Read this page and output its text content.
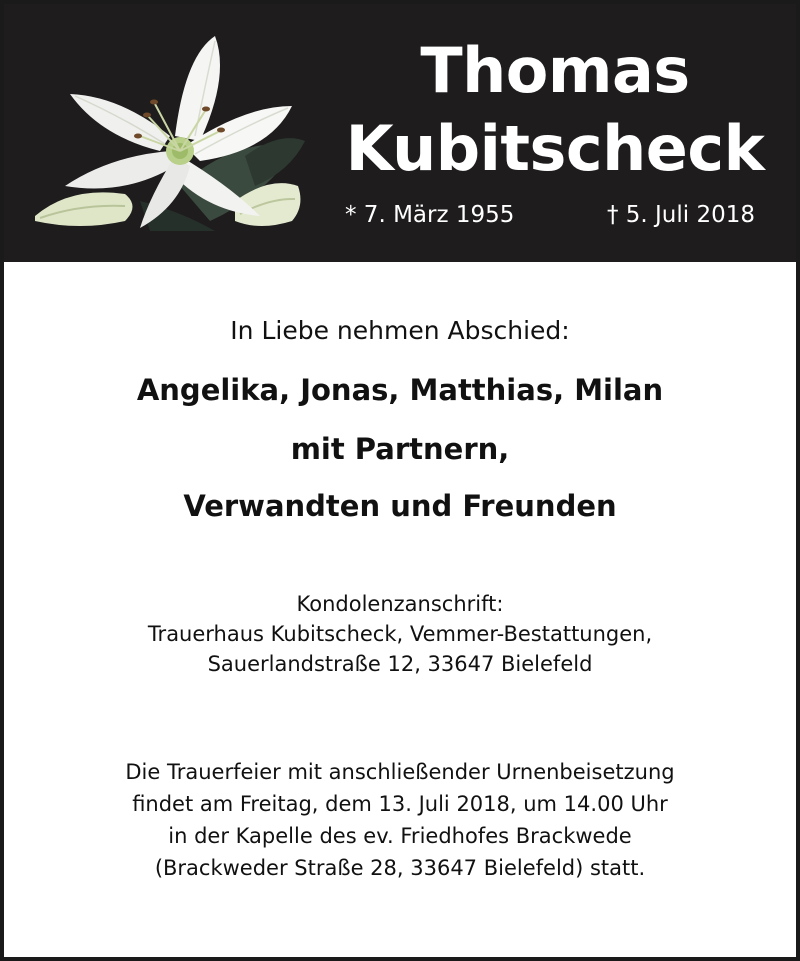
Thomas
Kubitscheck
* 7. März 1955	† 5. Juli 2018

In Liebe nehmen Abschied:

Angelika, Jonas, Matthias, Milan

mit Partnern,

Verwandten und Freunden

Kondolenzanschrift:
Trauerhaus Kubitscheck, Vemmer-Bestattungen,
Sauerlandstraße 12, 33647 Bielefeld

Die Trauerfeier mit anschließender Urnenbeisetzung
findet am Freitag, dem 13. Juli 2018, um 14.00 Uhr
in der Kapelle des ev. Friedhofes Brackwede
(Brackweder Straße 28, 33647 Bielefeld) statt.
